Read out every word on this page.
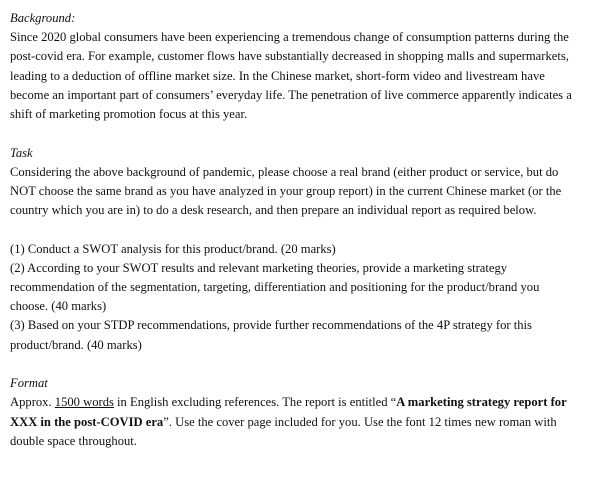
Background:

Since 2020 global consumers have been experiencing a tremendous change of consumption patterns during the post-covid era. For example, customer flows have substantially decreased in shopping malls and supermarkets, leading to a deduction of offline market size. In the Chinese market, short-form video and livestream have become an important part of consumers’ everyday life. The penetration of live commerce apparently indicates a shift of marketing promotion focus at this year.

Task

Considering the above background of pandemic, please choose a real brand (either product or service, but do NOT choose the same brand as you have analyzed in your group report) in the current Chinese market (or the country which you are in) to do a desk research, and then prepare an individual report as required below.

(1) Conduct a SWOT analysis for this product/brand. (20 marks)

(2) According to your SWOT results and relevant marketing theories, provide a marketing strategy recommendation of the segmentation, targeting, differentiation and positioning for the product/brand you choose. (40 marks)

(3) Based on your STDP recommendations, provide further recommendations of the 4P strategy for this product/brand. (40 marks)

Format

Approx. 1500 words in English excluding references. The report is entitled “A marketing strategy report for XXX in the post-COVID era”. Use the cover page included for you. Use the font 12 times new roman with double space throughout.
